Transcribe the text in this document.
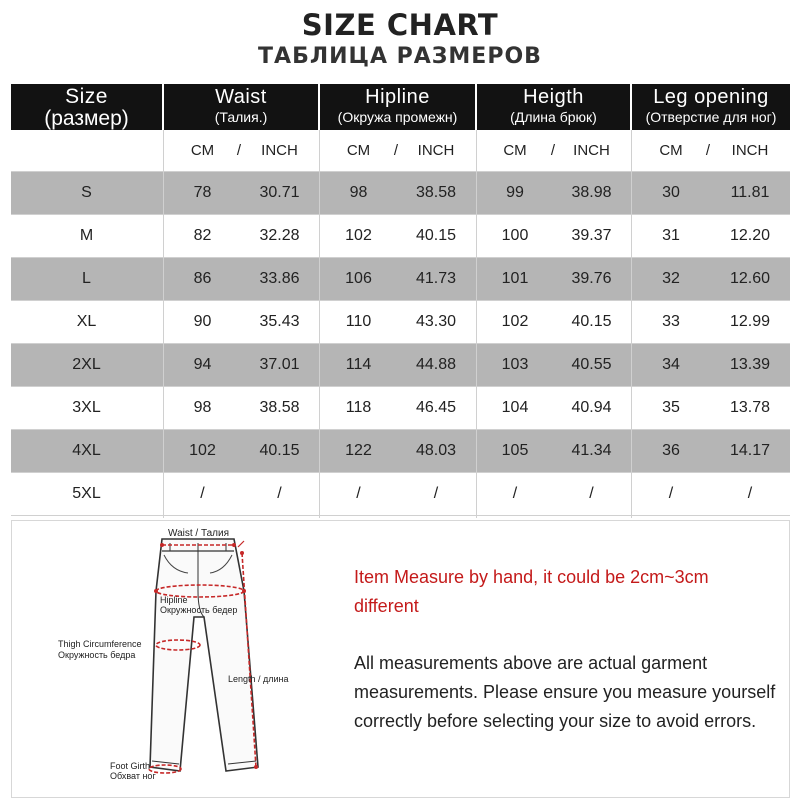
SIZE CHART
ТАБЛИЦА РАЗМЕРОВ
Size
(размер)
Waist
(Талия.)
Hipline
(Окружа промежн)
Heigth
(Длина брюк)
Leg opening
(Отверстие для ног)
CM	/	INCH	CM	/	INCH	CM	/	INCH	CM	/	INCH
S	78	30.71	98	38.58	99	38.98	30	11.81
M	82	32.28	102	40.15	100	39.37	31	12.20
L	86	33.86	106	41.73	101	39.76	32	12.60
XL	90	35.43	110	43.30	102	40.15	33	12.99
2XL	94	37.01	114	44.88	103	40.55	34	13.39
3XL	98	38.58	118	46.45	104	40.94	35	13.78
4XL	102	40.15	122	48.03	105	41.34	36	14.17
5XL	/	/	/	/	/	/	/	/
Waist / Талия
Hipline
Окружность бедер
Thigh Circumference
Окружность бедра
Length / длина
Foot Girth
Обхват ног
Item Measure by hand, it could be 2cm~3cm different
All measurements above are actual garment measurements. Please ensure you measure yourself correctly before selecting your size to avoid errors.
